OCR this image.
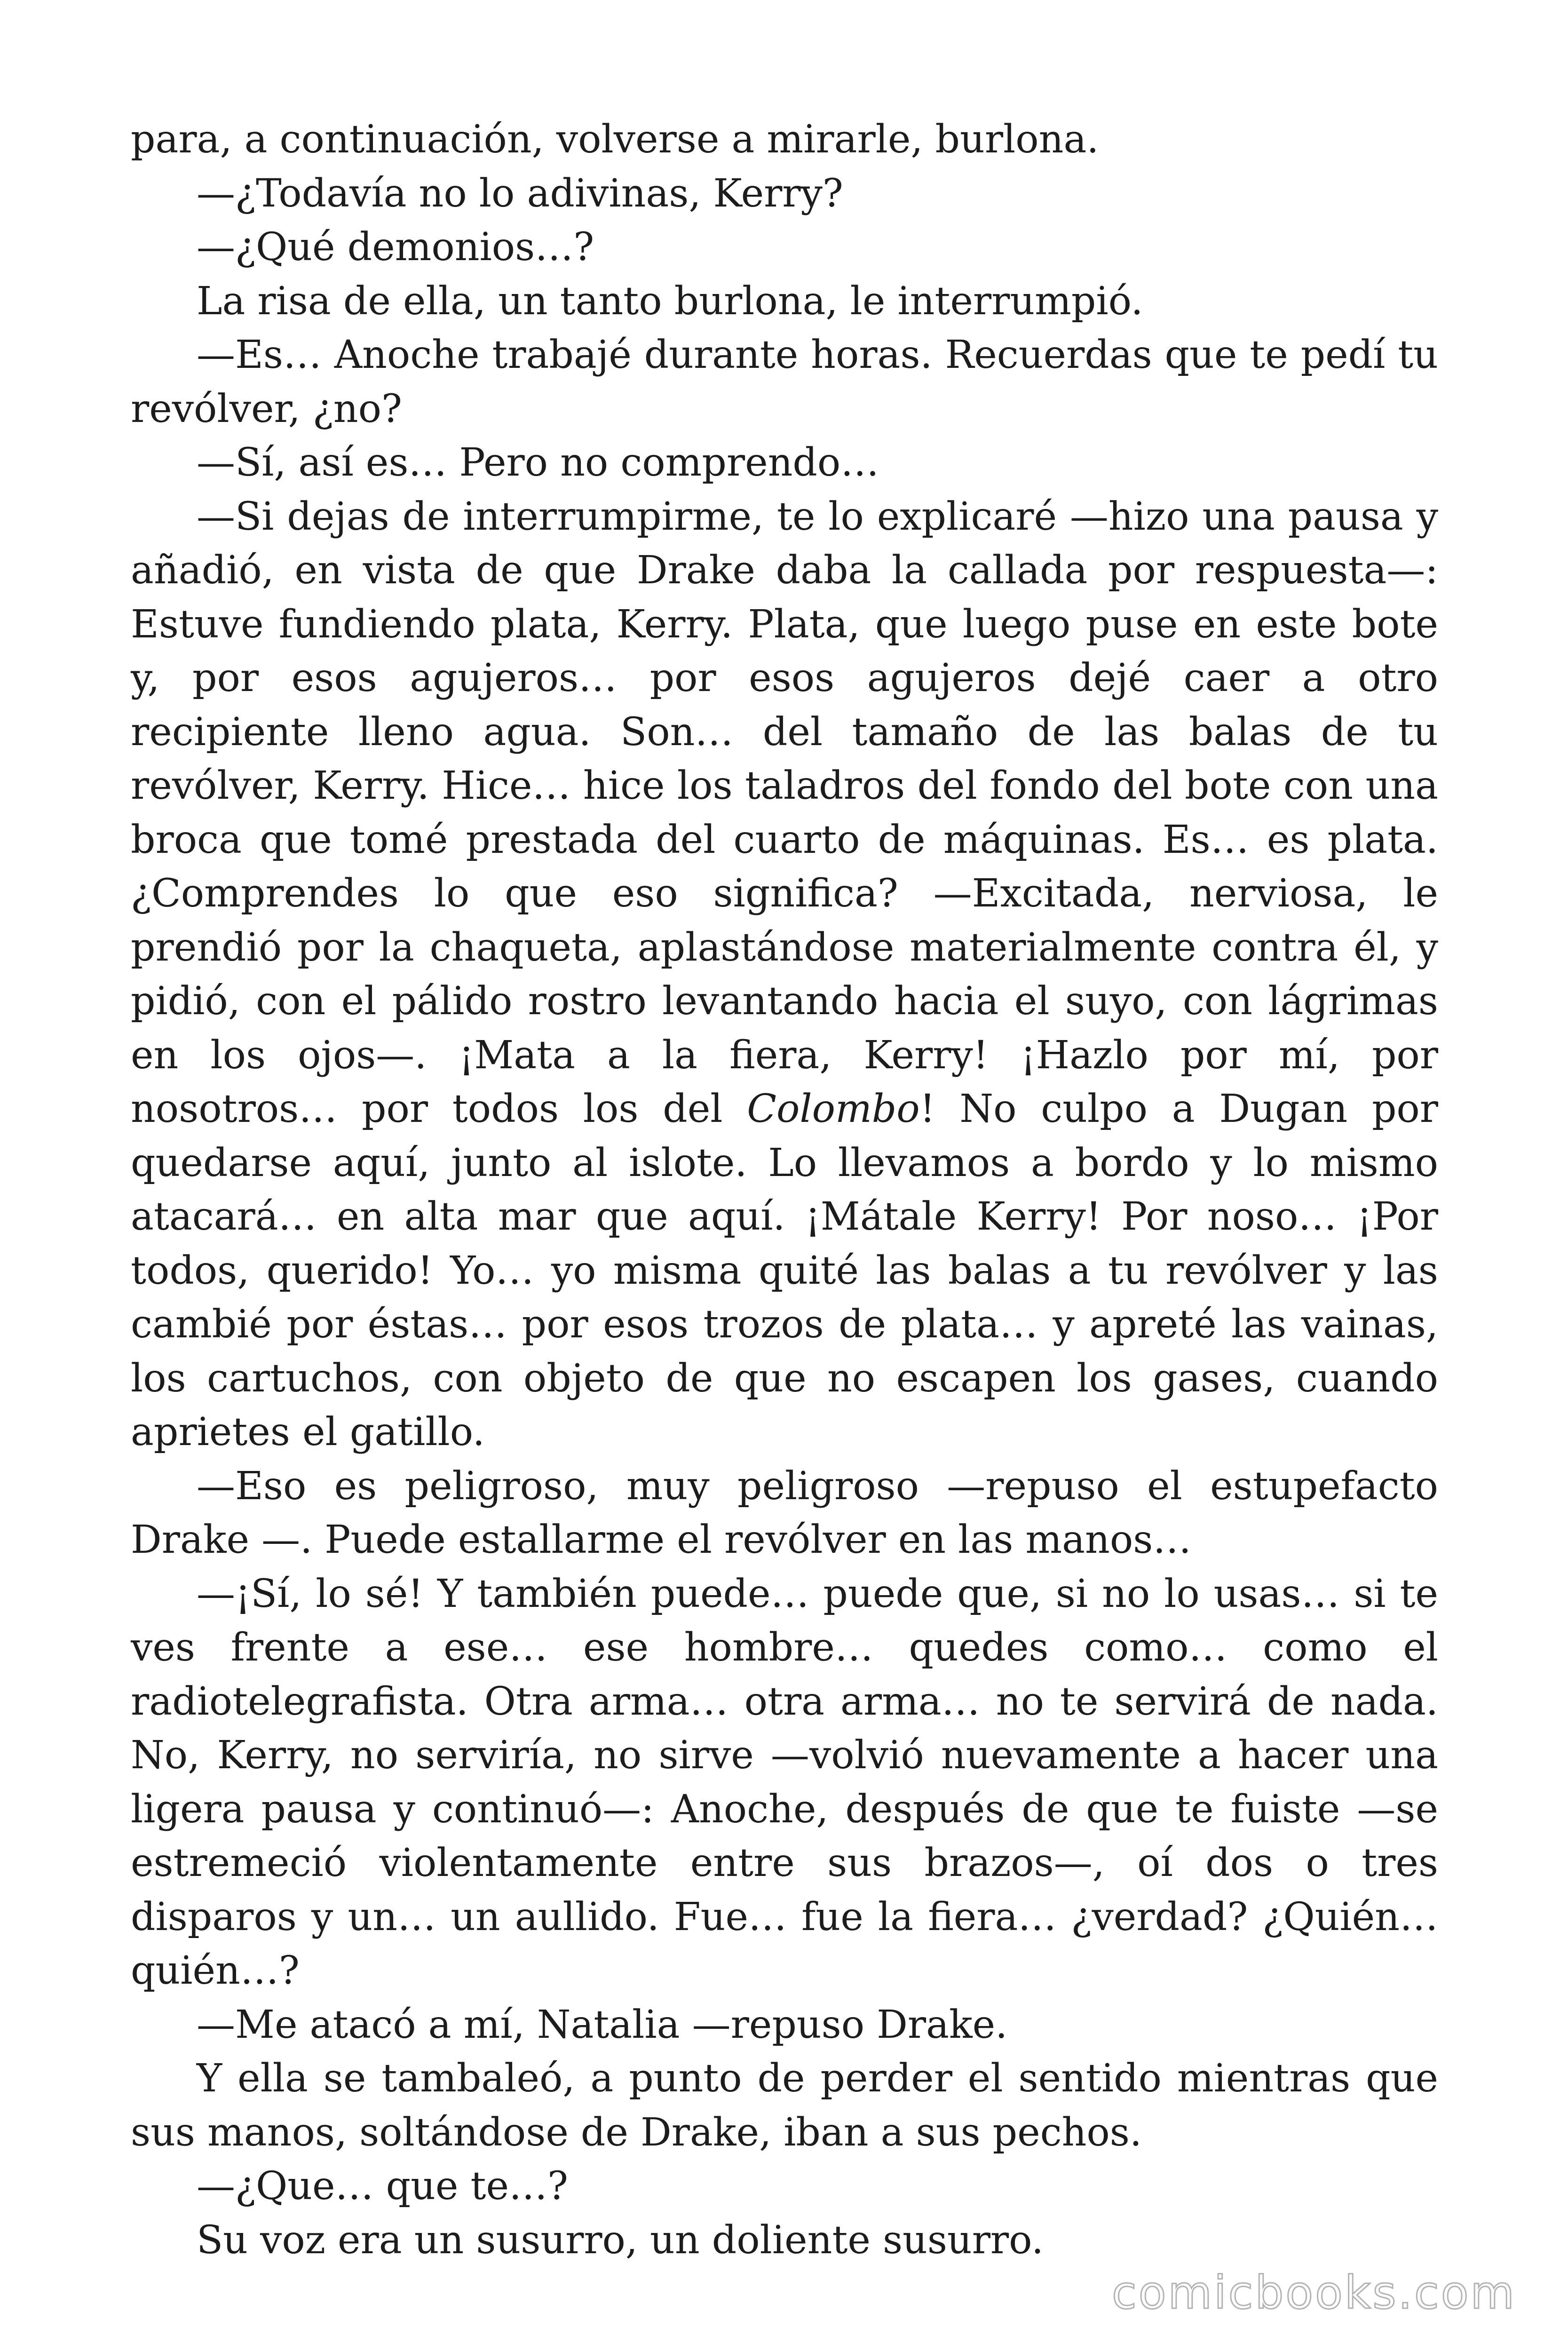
para, a continuación, volverse a mirarle, burlona.

—¿Todavía no lo adivinas, Kerry?

—¿Qué demonios…?

La risa de ella, un tanto burlona, le interrumpió.

—Es… Anoche trabajé durante horas. Recuerdas que te pedí tu revólver, ¿no?

—Sí, así es… Pero no comprendo…

—Si dejas de interrumpirme, te lo explicaré —hizo una pausa y añadió, en vista de que Drake daba la callada por respuesta—: Estuve fundiendo plata, Kerry. Plata, que luego puse en este bote y, por esos agujeros… por esos agujeros dejé caer a otro recipiente lleno agua. Son… del tamaño de las balas de tu revólver, Kerry. Hice… hice los taladros del fondo del bote con una broca que tomé prestada del cuarto de máquinas. Es… es plata. ¿Comprendes lo que eso significa? —Excitada, nerviosa, le prendió por la chaqueta, aplastándose materialmente contra él, y pidió, con el pálido rostro levantando hacia el suyo, con lágrimas en los ojos—. ¡Mata a la fiera, Kerry! ¡Hazlo por mí, por nosotros… por todos los del Colombo! No culpo a Dugan por quedarse aquí, junto al islote. Lo llevamos a bordo y lo mismo atacará… en alta mar que aquí. ¡Mátale Kerry! Por noso… ¡Por todos, querido! Yo… yo misma quité las balas a tu revólver y las cambié por éstas… por esos trozos de plata… y apreté las vainas, los cartuchos, con objeto de que no escapen los gases, cuando aprietes el gatillo.

—Eso es peligroso, muy peligroso —repuso el estupefacto Drake —. Puede estallarme el revólver en las manos…

—¡Sí, lo sé! Y también puede… puede que, si no lo usas… si te ves frente a ese… ese hombre… quedes como… como el radiotelegrafista. Otra arma… otra arma… no te servirá de nada. No, Kerry, no serviría, no sirve —volvió nuevamente a hacer una ligera pausa y continuó—: Anoche, después de que te fuiste —se estremeció violentamente entre sus brazos—, oí dos o tres disparos y un… un aullido. Fue… fue la fiera… ¿verdad? ¿Quién… quién…?

—Me atacó a mí, Natalia —repuso Drake.

Y ella se tambaleó, a punto de perder el sentido mientras que sus manos, soltándose de Drake, iban a sus pechos.

—¿Que… que te…?

Su voz era un susurro, un doliente susurro.

comicbooks.com
